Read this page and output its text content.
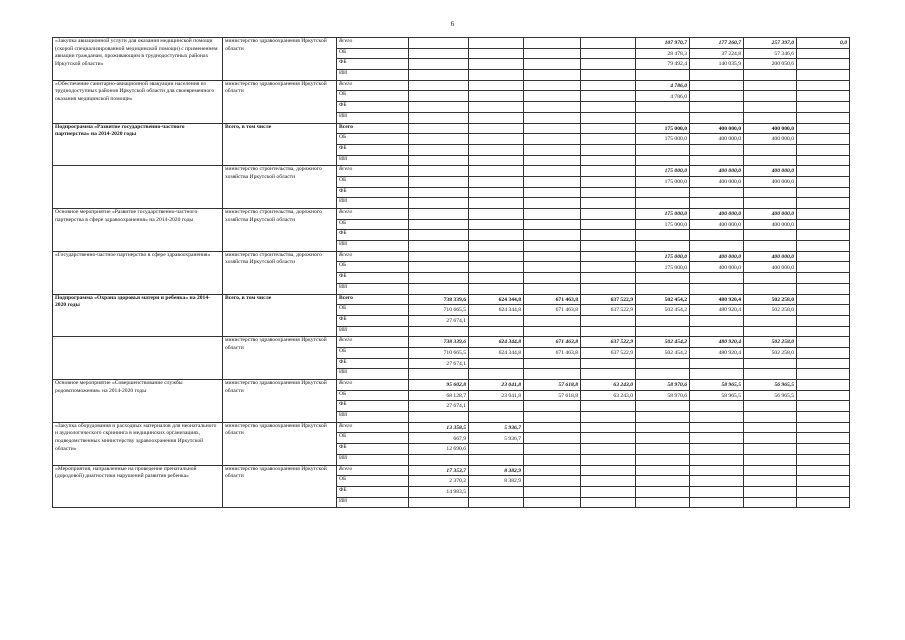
6
«Закупка авиационной услуги для оказания медицинской помощи (скорой специализированной медицинской помощи) с применением авиации гражданам, проживающим в труднодоступных районах Иркутской области»	министерство здравоохранения Иркутской области	Всего					107 970,7	177 260,7	257 397,0	0,0
		ОБ					28 478,3	37 224,8	57 346,6	
		ФБ					79 492,4	140 035,9	200 050,6	
		ИИ								
«Обеспечение санитарно-авиационной эвакуации населения из труднодоступных районов Иркутской области для своевременного оказания медицинской помощи»	министерство здравоохранения Иркутской области	Всего					4 786,0			
		ОБ					4 786,0			
		ФБ								
		ИИ								
Подпрограмма «Развитие государственно-частного партнерства» на 2014-2020 годы	Всего, в том числе	Всего					175 000,0	400 000,0	400 000,0	
		ОБ					175 000,0	400 000,0	400 000,0	
		ФБ								
		ИИ								
	министерство строительства, дорожного хозяйства Иркутской области	Всего					175 000,0	400 000,0	400 000,0	
		ОБ					175 000,0	400 000,0	400 000,0	
		ФБ								
		ИИ								
Основное мероприятие «Развитие государственно-частного партнерства в сфере здравоохранения» на 2014-2020 годы	министерство строительства, дорожного хозяйства Иркутской области	Всего					175 000,0	400 000,0	400 000,0	
		ОБ					175 000,0	400 000,0	400 000,0	
		ФБ								
		ИИ								
«Государственно-частное партнерство в сфере здравоохранения»	министерство строительства, дорожного хозяйства Иркутской области	Всего					175 000,0	400 000,0	400 000,0	
		ОБ					175 000,0	400 000,0	400 000,0	
		ФБ								
		ИИ								
Подпрограмма «Охрана здоровья матери и ребенка» на 2014-2020 годы	Всего, в том числе	Всего	738 339,6	624 344,8	671 463,8	637 522,9	502 454,2	480 920,4	502 258,0	
		ОБ	710 665,5	624 344,8	671 463,8	637 522,9	502 454,2	480 920,4	502 258,0	
		ФБ	27 674,1							
		ИИ								
	министерство здравоохранения Иркутской области	Всего	738 339,6	624 344,8	671 463,8	637 522,9	502 454,2	480 920,4	502 258,0	
		ОБ	710 665,5	624 344,8	671 463,8	637 522,9	502 454,2	480 920,4	502 258,0	
		ФБ	27 674,1							
		ИИ								
Основное мероприятие «Совершенствование службы родовспоможения» на 2014-2020 годы	министерство здравоохранения Иркутской области	Всего	95 602,8	23 041,8	57 618,8	63 243,0	58 970,6	58 965,5	56 965,5	
		ОБ	68 128,7	23 041,8	57 618,8	63 243,0	58 970,6	58 965,5	56 965,5	
		ФБ	27 674,1							
		ИИ								
«Закупка оборудования и расходных материалов для неонатального и аудиологического скрининга в медицинских организациях, подведомственных министерству здравоохранения Иркутской области»	министерство здравоохранения Иркутской области	Всего	13 358,5	5 936,7						
		ОБ	667,9	5 936,7						
		ФБ	12 690,6							
		ИИ								
«Мероприятия, направленные на проведение пренатальной (дородовой) диагностики нарушений развития ребенка»	министерство здравоохранения Иркутской области	Всего	17 353,7	8 382,9						
		ОБ	2 370,2	8 382,9						
		ФБ	14 983,5							
		ИИ								
